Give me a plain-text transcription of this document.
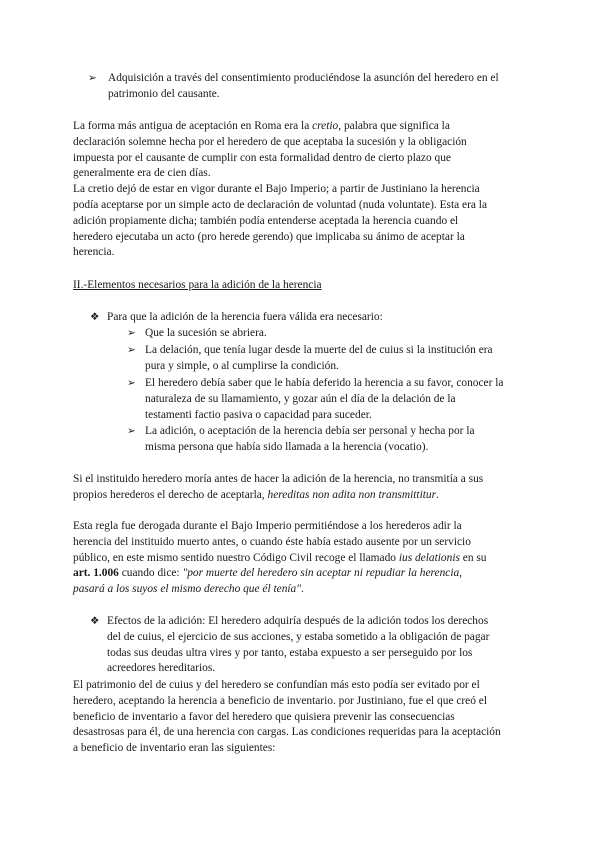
➢ Adquisición a través del consentimiento produciéndose la asunción del heredero en el
patrimonio del causante.
La forma más antigua de aceptación en Roma era la cretio, palabra que significa la
declaración solemne hecha por el heredero de que aceptaba la sucesión y la obligación
impuesta por el causante de cumplir con esta formalidad dentro de cierto plazo que
generalmente era de cien días.
La cretio dejó de estar en vigor durante el Bajo Imperio; a partir de Justiniano la herencia
podía aceptarse por un simple acto de declaración de voluntad (nuda voluntate). Esta era la
adición propiamente dicha; también podía entenderse aceptada la herencia cuando el
heredero ejecutaba un acto (pro herede gerendo) que implicaba su ánimo de aceptar la
herencia.
II.-Elementos necesarios para la adición de la herencia
❖ Para que la adición de la herencia fuera válida era necesario:
➢ Que la sucesión se abriera.
➢ La delación, que tenía lugar desde la muerte del de cuius si la institución era
pura y simple, o al cumplirse la condición.
➢ El heredero debía saber que le había deferido la herencia a su favor, conocer la
naturaleza de su llamamiento, y gozar aún el día de la delación de la
testamenti factio pasiva o capacidad para suceder.
➢ La adición, o aceptación de la herencia debía ser personal y hecha por la
misma persona que había sido llamada a la herencia (vocatio).
Si el instituido heredero moría antes de hacer la adición de la herencia, no transmitía a sus
propios herederos el derecho de aceptarla, hereditas non adita non transmittitur.
Esta regla fue derogada durante el Bajo Imperio permitiéndose a los herederos adir la
herencia del instituido muerto antes, o cuando éste había estado ausente por un servicio
público, en este mismo sentido nuestro Código Civil recoge el llamado ius delationis en su
art. 1.006 cuando dice: "por muerte del heredero sin aceptar ni repudiar la herencia,
pasará a los suyos el mismo derecho que él tenía".
❖ Efectos de la adición: El heredero adquiría después de la adición todos los derechos
del de cuius, el ejercicio de sus acciones, y estaba sometido a la obligación de pagar
todas sus deudas ultra vires y por tanto, estaba expuesto a ser perseguido por los
acreedores hereditarios.
El patrimonio del de cuius y del heredero se confundían más esto podía ser evitado por el
heredero, aceptando la herencia a beneficio de inventario. por Justiniano, fue el que creó el
beneficio de inventario a favor del heredero que quisiera prevenir las consecuencias
desastrosas para él, de una herencia con cargas. Las condiciones requeridas para la aceptación
a beneficio de inventario eran las siguientes:
